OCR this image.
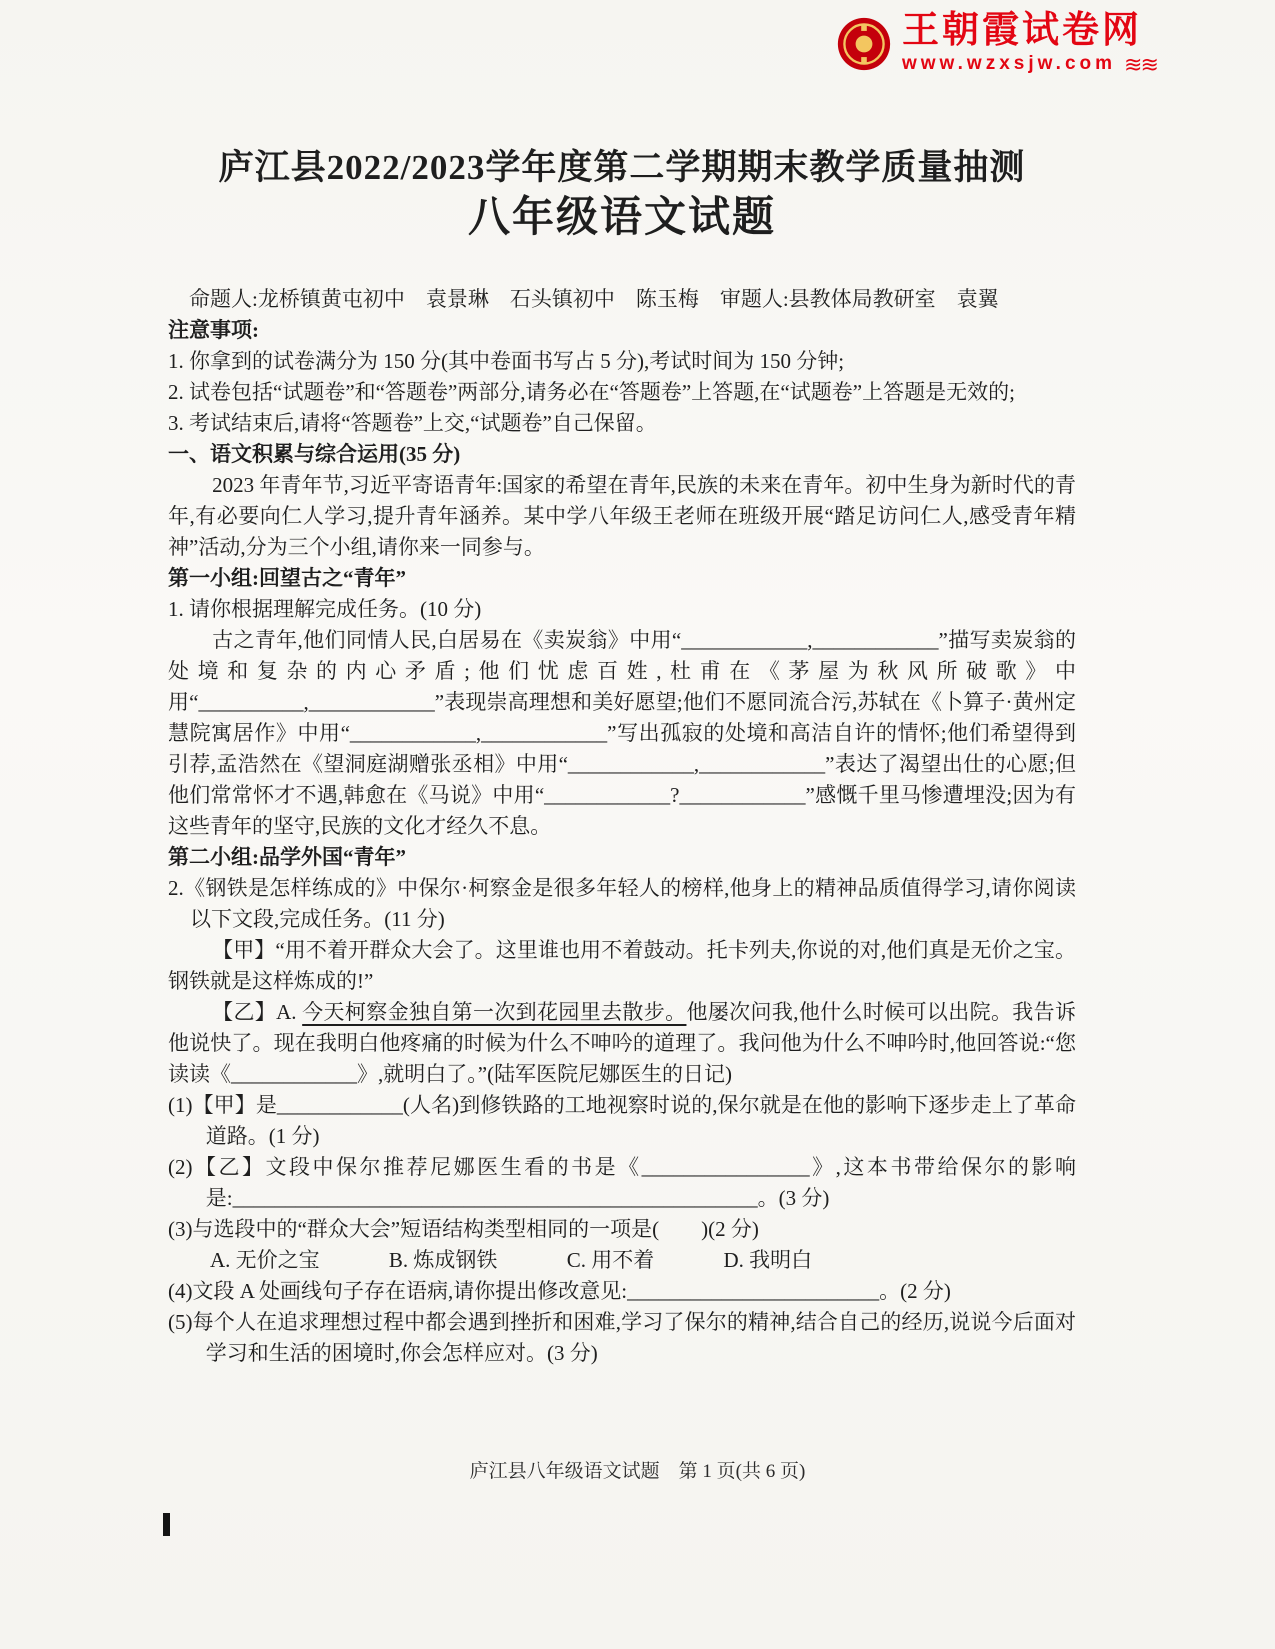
王朝霞试卷网
www.wzxsjw.com ≋≋
庐江县2022/2023学年度第二学期期末教学质量抽测
八年级语文试题

命题人:龙桥镇黄屯初中　袁景琳　石头镇初中　陈玉梅　审题人:县教体局教研室　袁翼

注意事项:

1. 你拿到的试卷满分为 150 分(其中卷面书写占 5 分),考试时间为 150 分钟;

2. 试卷包括“试题卷”和“答题卷”两部分,请务必在“答题卷”上答题,在“试题卷”上答题是无效的;

3. 考试结束后,请将“答题卷”上交,“试题卷”自己保留。

一、语文积累与综合运用(35 分)

2023 年青年节,习近平寄语青年:国家的希望在青年,民族的未来在青年。初中生身为新时代的青年,有必要向仁人学习,提升青年涵养。某中学八年级王老师在班级开展“踏足访问仁人,感受青年精神”活动,分为三个小组,请你来一同参与。

第一小组:回望古之“青年”

1. 请你根据理解完成任务。(10 分)

古之青年,他们同情人民,白居易在《卖炭翁》中用“____________,____________”描写卖炭翁的处境和复杂的内心矛盾;他们忧虑百姓,杜甫在《茅屋为秋风所破歌》中用“__________,____________”表现崇高理想和美好愿望;他们不愿同流合污,苏轼在《卜算子·黄州定慧院寓居作》中用“____________,____________”写出孤寂的处境和高洁自许的情怀;他们希望得到引荐,孟浩然在《望洞庭湖赠张丞相》中用“____________,____________”表达了渴望出仕的心愿;但他们常常怀才不遇,韩愈在《马说》中用“____________?____________”感慨千里马惨遭埋没;因为有这些青年的坚守,民族的文化才经久不息。

第二小组:品学外国“青年”

2.《钢铁是怎样练成的》中保尔·柯察金是很多年轻人的榜样,他身上的精神品质值得学习,请你阅读以下文段,完成任务。(11 分)

【甲】“用不着开群众大会了。这里谁也用不着鼓动。托卡列夫,你说的对,他们真是无价之宝。钢铁就是这样炼成的!”

【乙】A. 今天柯察金独自第一次到花园里去散步。他屡次问我,他什么时候可以出院。我告诉他说快了。现在我明白他疼痛的时候为什么不呻吟的道理了。我问他为什么不呻吟时,他回答说:“您读读《____________》,就明白了。”(陆军医院尼娜医生的日记)

(1)【甲】是____________(人名)到修铁路的工地视察时说的,保尔就是在他的影响下逐步走上了革命道路。(1 分)

(2)【乙】文段中保尔推荐尼娜医生看的书是《________________》,这本书带给保尔的影响是:__________________________________________________。(3 分)

(3)与选段中的“群众大会”短语结构类型相同的一项是(　　)(2 分)

A. 无价之宝	B. 炼成钢铁	C. 用不着	D. 我明白

(4)文段 A 处画线句子存在语病,请你提出修改意见:________________________。(2 分)

(5)每个人在追求理想过程中都会遇到挫折和困难,学习了保尔的精神,结合自己的经历,说说今后面对学习和生活的困境时,你会怎样应对。(3 分)

庐江县八年级语文试题　第 1 页(共 6 页)
